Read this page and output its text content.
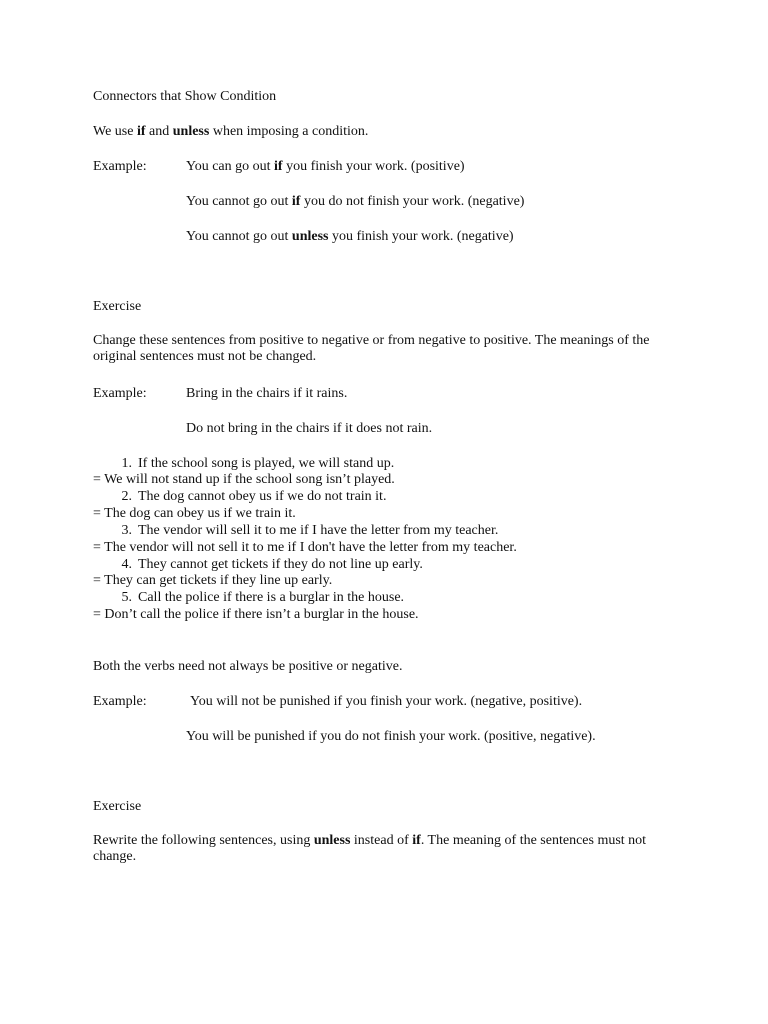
Connectors that Show Condition
We use if and unless when imposing a condition.
Example:	You can go out if you finish your work. (positive)
You cannot go out if you do not finish your work. (negative)
You cannot go out unless you finish your work. (negative)
Exercise
Change these sentences from positive to negative or from negative to positive. The meanings of the original sentences must not be changed.
Example:	Bring in the chairs if it rains.
Do not bring in the chairs if it does not rain.
1. If the school song is played, we will stand up.
= We will not stand up if the school song isn’t played.
2. The dog cannot obey us if we do not train it.
= The dog can obey us if we train it.
3. The vendor will sell it to me if I have the letter from my teacher.
= The vendor will not sell it to me if I don't have the letter from my teacher.
4. They cannot get tickets if they do not line up early.
= They can get tickets if they line up early.
5. Call the police if there is a burglar in the house.
= Don’t call the police if there isn’t a burglar in the house.
Both the verbs need not always be positive or negative.
Example:	You will not be punished if you finish your work. (negative, positive).
You will be punished if you do not finish your work. (positive, negative).
Exercise
Rewrite the following sentences, using unless instead of if. The meaning of the sentences must not change.
